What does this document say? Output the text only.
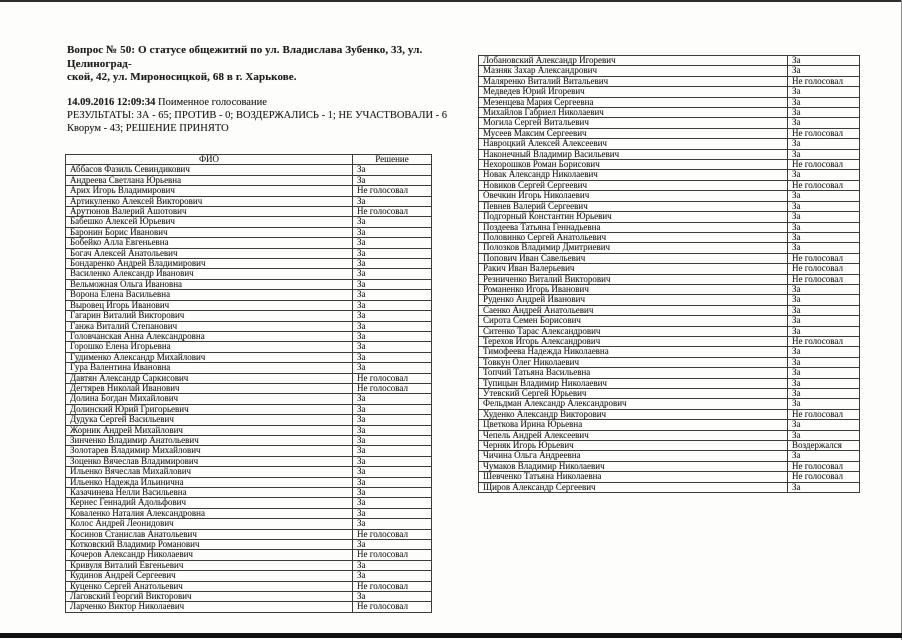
Вопрос № 50: О статусе общежитий по ул. Владислава Зубенко, 33, ул. Целиноград-
ской, 42, ул. Мироносицкой, 68 в г. Харькове.
14.09.2016 12:09:34 Поименное голосование
РЕЗУЛЬТАТЫ: ЗА - 65; ПРОТИВ - 0; ВОЗДЕРЖАЛИСЬ - 1; НЕ УЧАСТВОВАЛИ - 6
Кворум - 43; РЕШЕНИЕ ПРИНЯТО
ФИО	Решение
Аббасов Фазиль Севиндикович	За
Андреева Светлана Юрьевна	За
Арих Игорь Владимирович	Не голосовал
Артикуленко Алексей Викторович	За
Арутюнов Валерий Ашотович	Не голосовал
Бабешко Алексей Юрьевич	За
Баронин Борис Иванович	За
Бобейко Алла Евгеньевна	За
Богач Алексей Анатольевич	За
Бондаренко Андрей Владимирович	За
Василенко Александр Иванович	За
Вельможная Ольга Ивановна	За
Ворона Елена Васильевна	За
Выровец Игорь Иванович	За
Гагарин Виталий Викторович	За
Ганжа Виталий Степанович	За
Головчанская Анна Александровна	За
Горошко Елена Игорьевна	За
Гудименко Александр Михайлович	За
Гура Валентина Ивановна	За
Давтян Александр Саркисович	Не голосовал
Дегтярев Николай Иванович	Не голосовал
Долина Богдан Михайлович	За
Долинский Юрий Григорьевич	За
Дудука Сергей Васильевич	За
Жорник Андрей Михайлович	За
Зинченко Владимир Анатольевич	За
Золотарев Владимир Михайлович	За
Зоценко Вячеслав Владимирович	За
Ильенко Вячеслав Михайлович	За
Ильенко Надежда Ильинична	За
Казачинева Нелли Васильевна	За
Кернес Геннадий Адольфович	За
Коваленко Наталия Александровна	За
Колос Андрей Леонидович	За
Косинов Станислав Анатольевич	Не голосовал
Котковский Владимир Романович	За
Кочеров Александр Николаевич	Не голосовал
Кривуля Виталий Евгеньевич	За
Кудинов Андрей Сергеевич	За
Куценко Сергей Анатольевич	Не голосовал
Лаговский Георгий Викторович	За
Ларченко Виктор Николаевич	Не голосовал
Лобановский Александр Игоревич	За
Мазняк Захар Александрович	За
Маляренко Виталий Витальевич	Не голосовал
Медведев Юрий Игоревич	За
Мезенцева Мария Сергеевна	За
Михайлов Габриел Николаевич	За
Могила Сергей Витальевич	За
Мусеев Максим Сергеевич	Не голосовал
Навроцкий Алексей Алексеевич	За
Наконечный Владимир Васильевич	За
Нехорошков Роман Борисович	Не голосовал
Новак Александр Николаевич	За
Новиков Сергей Сергеевич	Не голосовал
Овечкин Игорь Николаевич	За
Певнев Валерий Сергеевич	За
Подгорный Константин Юрьевич	За
Поздеева Татьяна Геннадьевна	За
Половинко Сергей Анатольевич	За
Полозков Владимир Дмитриевич	За
Попович Иван Савельевич	Не голосовал
Ракич Иван Валерьевич	Не голосовал
Резниченко Виталий Викторович	Не голосовал
Романенко Игорь Иванович	За
Руденко Андрей Иванович	За
Саенко Андрей Анатольевич	За
Сирота Семен Борисович	За
Ситенко Тарас Александрович	За
Терехов Игорь Александрович	Не голосовал
Тимофеева Надежда Николаевна	За
Товкун Олег Николаевич	За
Топчий Татьяна Васильевна	За
Тупицын Владимир Николаевич	За
Утевский Сергей Юрьевич	За
Фельдман Александр Александрович	За
Худенко Александр Викторович	Не голосовал
Цветкова Ирина Юрьевна	За
Чепель Андрей Алексеевич	За
Черняк Игорь Юрьевич	Воздержался
Чичина Ольга Андреевна	За
Чумаков Владимир Николаевич	Не голосовал
Шевченко Татьяна Николаевна	Не голосовал
Щиров Александр Сергеевич	За
